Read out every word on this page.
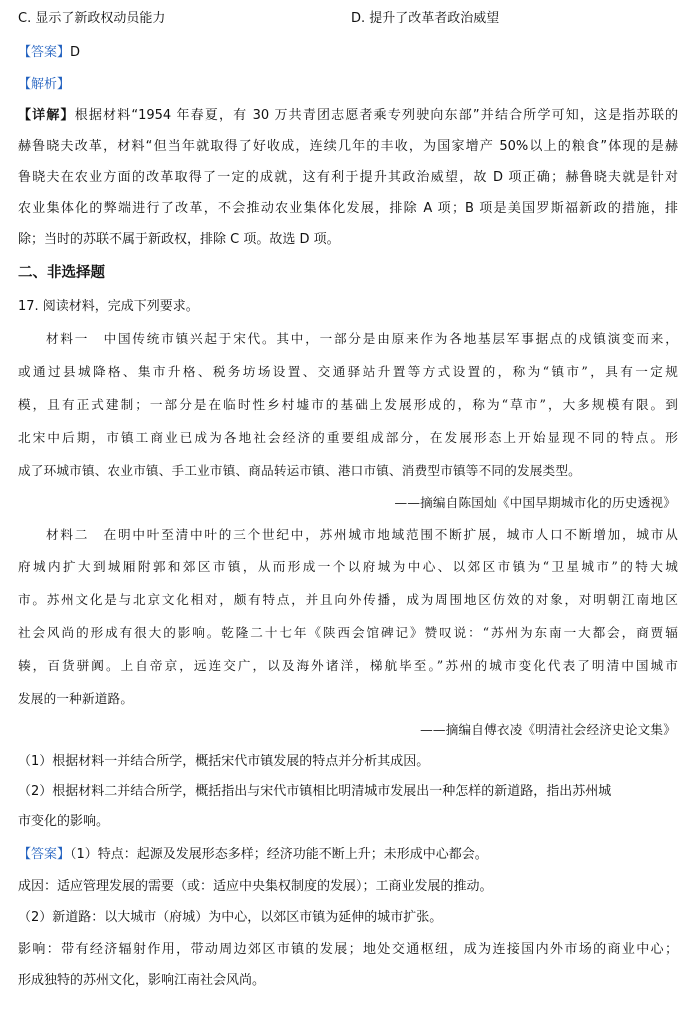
C. 显示了新政权动员能力	D. 提升了改革者政治威望
【答案】D
【解析】
【详解】根据材料“1954 年春夏，有 30 万共青团志愿者乘专列驶向东部”并结合所学可知，这是指苏联的
赫鲁晓夫改革，材料“但当年就取得了好收成，连续几年的丰收，为国家增产 50%以上的粮食”体现的是赫
鲁晓夫在农业方面的改革取得了一定的成就，这有利于提升其政治威望，故 D 项正确；赫鲁晓夫就是针对
农业集体化的弊端进行了改革，不会推动农业集体化发展，排除 A 项；B 项是美国罗斯福新政的措施，排
除；当时的苏联不属于新政权，排除 C 项。故选 D 项。
二、非选择题
17. 阅读材料，完成下列要求。
材料一　中国传统市镇兴起于宋代。其中，一部分是由原来作为各地基层军事据点的戍镇演变而来，
或通过县城降格、集市升格、税务坊场设置、交通驿站升置等方式设置的，称为“镇市”，具有一定规
模，且有正式建制；一部分是在临时性乡村墟市的基础上发展形成的，称为“草市”，大多规模有限。到
北宋中后期，市镇工商业已成为各地社会经济的重要组成部分，在发展形态上开始显现不同的特点。形
成了环城市镇、农业市镇、手工业市镇、商品转运市镇、港口市镇、消费型市镇等不同的发展类型。
——摘编自陈国灿《中国早期城市化的历史透视》
材料二　在明中叶至清中叶的三个世纪中，苏州城市地域范围不断扩展，城市人口不断增加，城市从
府城内扩大到城厢附郭和郊区市镇，从而形成一个以府城为中心、以郊区市镇为“卫星城市”的特大城
市。苏州文化是与北京文化相对，颇有特点，并且向外传播，成为周围地区仿效的对象，对明朝江南地区
社会风尚的形成有很大的影响。乾隆二十七年《陕西会馆碑记》赞叹说：“苏州为东南一大都会，商贾辐
辏，百货骈阗。上自帝京，远连交广，以及海外诸洋，梯航毕至。”苏州的城市变化代表了明清中国城市
发展的一种新道路。
——摘编自傅衣凌《明清社会经济史论文集》
（1）根据材料一并结合所学，概括宋代市镇发展的特点并分析其成因。
（2）根据材料二并结合所学，概括指出与宋代市镇相比明清城市发展出一种怎样的新道路，指出苏州城
市变化的影响。
【答案】（1）特点：起源及发展形态多样；经济功能不断上升；未形成中心都会。
成因：适应管理发展的需要（或：适应中央集权制度的发展）；工商业发展的推动。
（2）新道路：以大城市（府城）为中心，以郊区市镇为延伸的城市扩张。
影响：带有经济辐射作用，带动周边郊区市镇的发展；地处交通枢纽，成为连接国内外市场的商业中心；
形成独特的苏州文化，影响江南社会风尚。
